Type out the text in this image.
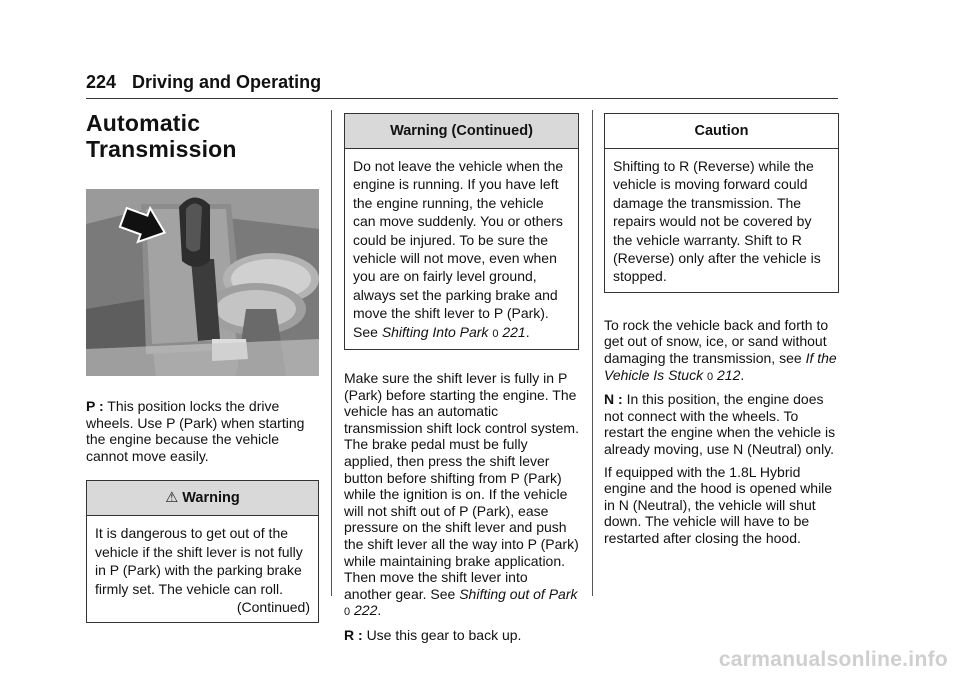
224 Driving and Operating
Automatic
Transmission

P : This position locks the drive wheels. Use P (Park) when starting the engine because the vehicle cannot move easily.

⚠ Warning
It is dangerous to get out of the vehicle if the shift lever is not fully in P (Park) with the parking brake firmly set. The vehicle can roll.
(Continued)
Warning (Continued)
Do not leave the vehicle when the engine is running. If you have left the engine running, the vehicle can move suddenly. You or others could be injured. To be sure the vehicle will not move, even when you are on fairly level ground, always set the parking brake and move the shift lever to P (Park). See Shifting Into Park 0 221.

Make sure the shift lever is fully in P (Park) before starting the engine. The vehicle has an automatic transmission shift lock control system. The brake pedal must be fully applied, then press the shift lever button before shifting from P (Park) while the ignition is on. If the vehicle will not shift out of P (Park), ease pressure on the shift lever and push the shift lever all the way into P (Park) while maintaining brake application. Then move the shift lever into another gear. See Shifting out of Park 0 222.

R : Use this gear to back up.

Caution
Shifting to R (Reverse) while the vehicle is moving forward could damage the transmission. The repairs would not be covered by the vehicle warranty. Shift to R (Reverse) only after the vehicle is stopped.

To rock the vehicle back and forth to get out of snow, ice, or sand without damaging the transmission, see If the Vehicle Is Stuck 0 212.

N : In this position, the engine does not connect with the wheels. To restart the engine when the vehicle is already moving, use N (Neutral) only.

If equipped with the 1.8L Hybrid engine and the hood is opened while in N (Neutral), the vehicle will shut down. The vehicle will have to be restarted after closing the hood.

carmanualsonline.info
